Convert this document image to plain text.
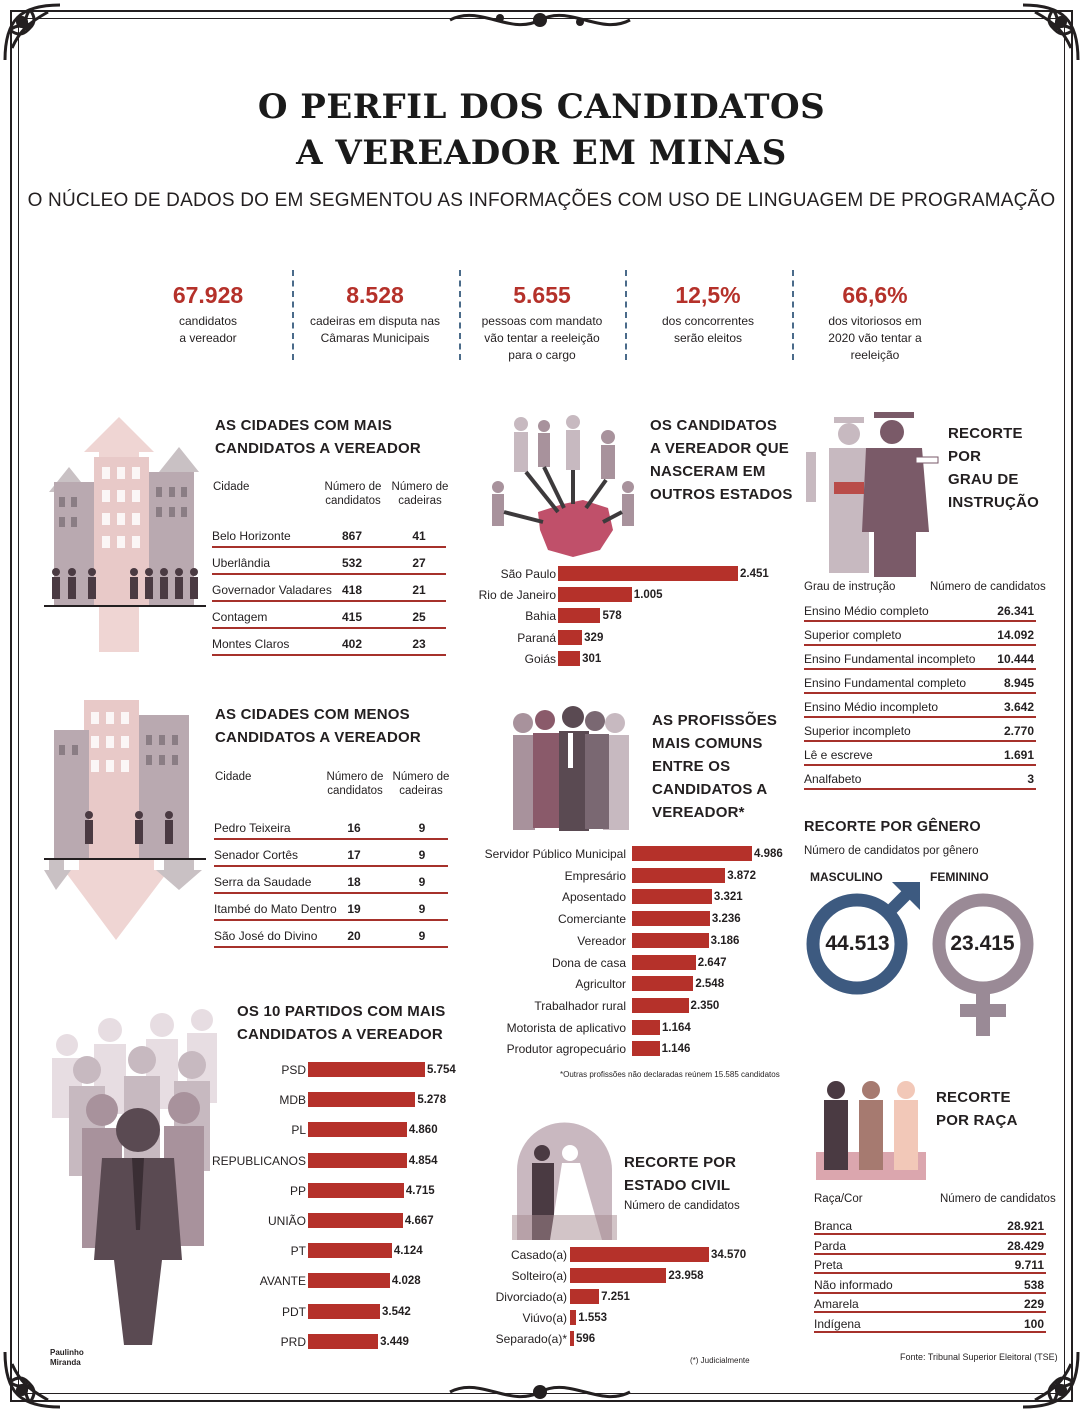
O PERFIL DOS CANDIDATOS
A VEREADOR EM MINAS
O NÚCLEO DE DADOS DO EM SEGMENTOU AS INFORMAÇÕES COM USO DE LINGUAGEM DE PROGRAMAÇÃO
67.928
candidatos
a vereador
8.528
cadeiras em disputa nas
Câmaras Municipais
5.655
pessoas com mandato
vão tentar a reeleição
para o cargo
12,5%
dos concorrentes
serão eleitos
66,6%
dos vitoriosos em
2020 vão tentar a
reeleição
AS CIDADES COM MAIS
CANDIDATOS A VEREADOR
Cidade	Número de
candidatos
Número de
cadeiras
Belo Horizonte	867	41
Uberlândia	532	27
Governador Valadares 418	21
Contagem	415	25
Montes Claros	402	23
AS CIDADES COM MENOS
CANDIDATOS A VEREADOR
Cidade	Número de
candidatos
Número de
cadeiras
Pedro Teixeira	16	9
Senador Cortês	17	9
Serra da Saudade	18	9
Itambé do Mato Dentro 19	9
São José do Divino	20	9
OS 10 PARTIDOS COM MAIS
CANDIDATOS A VEREADOR
PSD	5.754
MDB	5.278
PL	4.860
REPUBLICANOS	4.854
PP	4.715
UNIÃO	4.667
PT	4.124
AVANTE	4.028
PDT	3.542
PRD	3.449
Paulinho
Miranda
OS CANDIDATOS
A VEREADOR QUE
NASCERAM EM
OUTROS ESTADOS
São Paulo	2.451
Rio de Janeiro	1.005
Bahia	578
Paraná 329
Goiás 301
AS PROFISSÕES
MAIS COMUNS
ENTRE OS
CANDIDATOS A
VEREADOR*
Servidor Público Municipal	4.986
Empresário	3.872
Aposentado	3.321
Comerciante	3.236
Vereador	3.186
Dona de casa	2.647
Agricultor	2.548
Trabalhador rural	2.350
Motorista de aplicativo	1.164
Produtor agropecuário	1.146
*Outras profissões não declaradas reúnem 15.585 candidatos
RECORTE POR
ESTADO CIVIL
Número de candidatos
Casado(a)	34.570
Solteiro(a)	23.958
Divorciado(a)	7.251
Viúvo(a) 1.553
Separado(a)* 596
(*) Judicialmente
RECORTE
POR
GRAU DE
INSTRUÇÃO
Grau de instrução	Número de candidatos
Ensino Médio completo	26.341
Superior completo	14.092
Ensino Fundamental incompleto 10.444
Ensino Fundamental completo	8.945
Ensino Médio incompleto	3.642
Superior incompleto	2.770
Lê e escreve	1.691
Analfabeto	3
RECORTE POR GÊNERO
Número de candidatos por gênero
MASCULINO	FEMININO
44.513	23.415
RECORTE
POR RAÇA
Raça/Cor	Número de candidatos
Branca	28.921
Parda	28.429
Preta	9.711
Não informado	538
Amarela	229
Indígena	100
Fonte: Tribunal Superior Eleitoral (TSE)
